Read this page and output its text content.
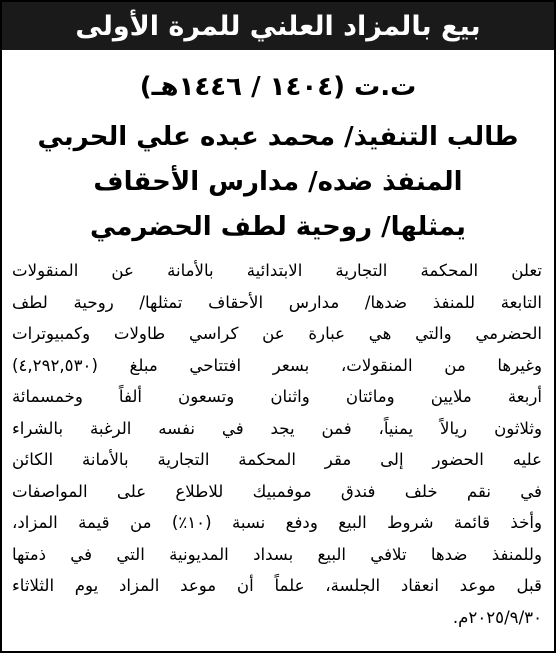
بيع بالمزاد العلني للمرة الأولى
ت.ت (١٤٠٤ / ١٤٤٦هـ)
طالب التنفيذ/ محمد عبده علي الحربي
المنفذ ضده/ مدارس الأحقاف
يمثلها/ روحية لطف الحضرمي
تعلن المحكمة التجارية الابتدائية بالأمانة عن المنقولات
التابعة للمنفذ ضدها/ مدارس الأحقاف تمثلها/ روحية لطف
الحضرمي والتي هي عبارة عن كراسي طاولات وكمبيوترات
وغيرها من المنقولات، بسعر افتتاحي مبلغ (٤,٢٩٢,٥٣٠)
أربعة ملايين ومائتان واثنان وتسعون ألفاً وخمسمائة
وثلاثون ريالاً يمنياً، فمن يجد في نفسه الرغبة بالشراء
عليه الحضور إلى مقر المحكمة التجارية بالأمانة الكائن
في نقم خلف فندق موفمبيك للاطلاع على المواصفات
وأخذ قائمة شروط البيع ودفع نسبة (١٠٪) من قيمة المزاد،
وللمنفذ ضدها تلافي البيع بسداد المديونية التي في ذمتها
قبل موعد انعقاد الجلسة، علماً أن موعد المزاد يوم الثلاثاء
٢٠٢٥/٩/٣٠م.
